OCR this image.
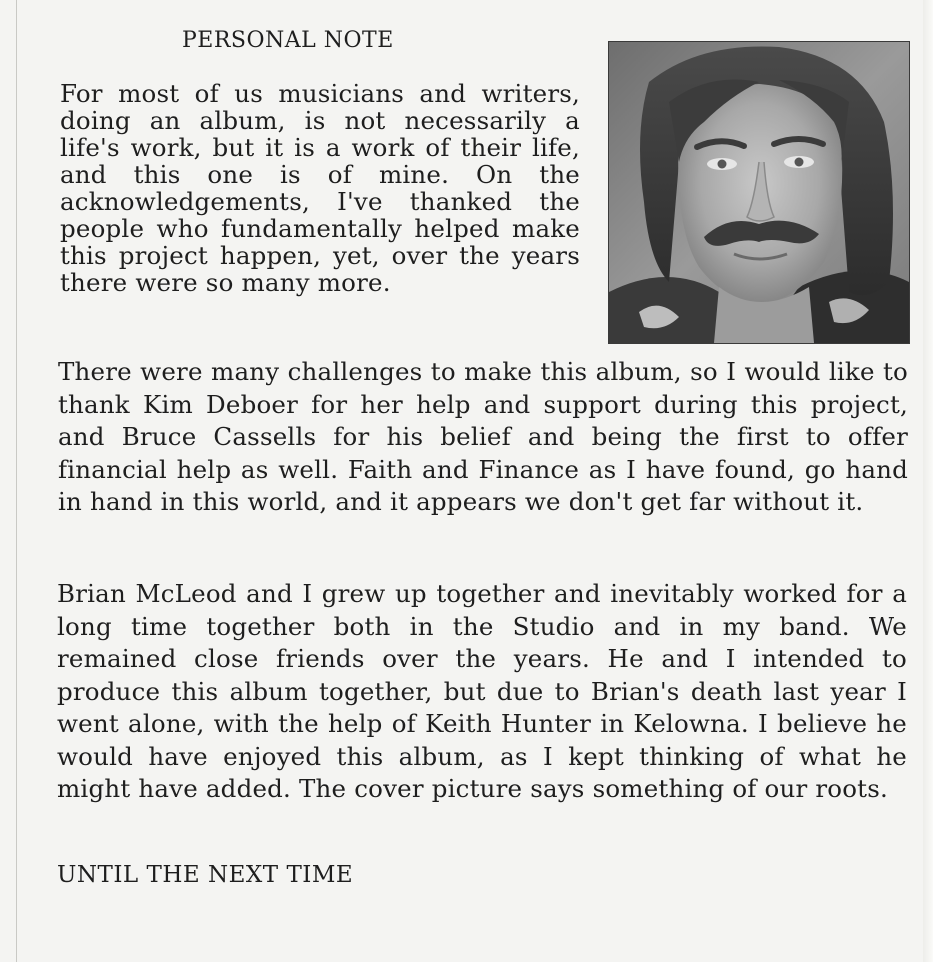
PERSONAL NOTE

For most of us musicians and writers, doing an album, is not necessarily a life's work, but it is a work of their life, and this one is of mine. On the acknowledgements, I've thanked the people who fundamentally helped make this project happen, yet, over the years there were so many more.

There were many challenges to make this album, so I would like to thank Kim Deboer for her help and support during this project, and Bruce Cassells for his belief and being the first to offer financial help as well. Faith and Finance as I have found, go hand in hand in this world, and it appears we don't get far without it.

Brian McLeod and I grew up together and inevitably worked for a long time together both in the Studio and in my band. We remained close friends over the years. He and I intended to produce this album together, but due to Brian's death last year I went alone, with the help of Keith Hunter in Kelowna. I believe he would have enjoyed this album, as I kept thinking of what he might have added. The cover picture says something of our roots.

UNTIL THE NEXT TIME
